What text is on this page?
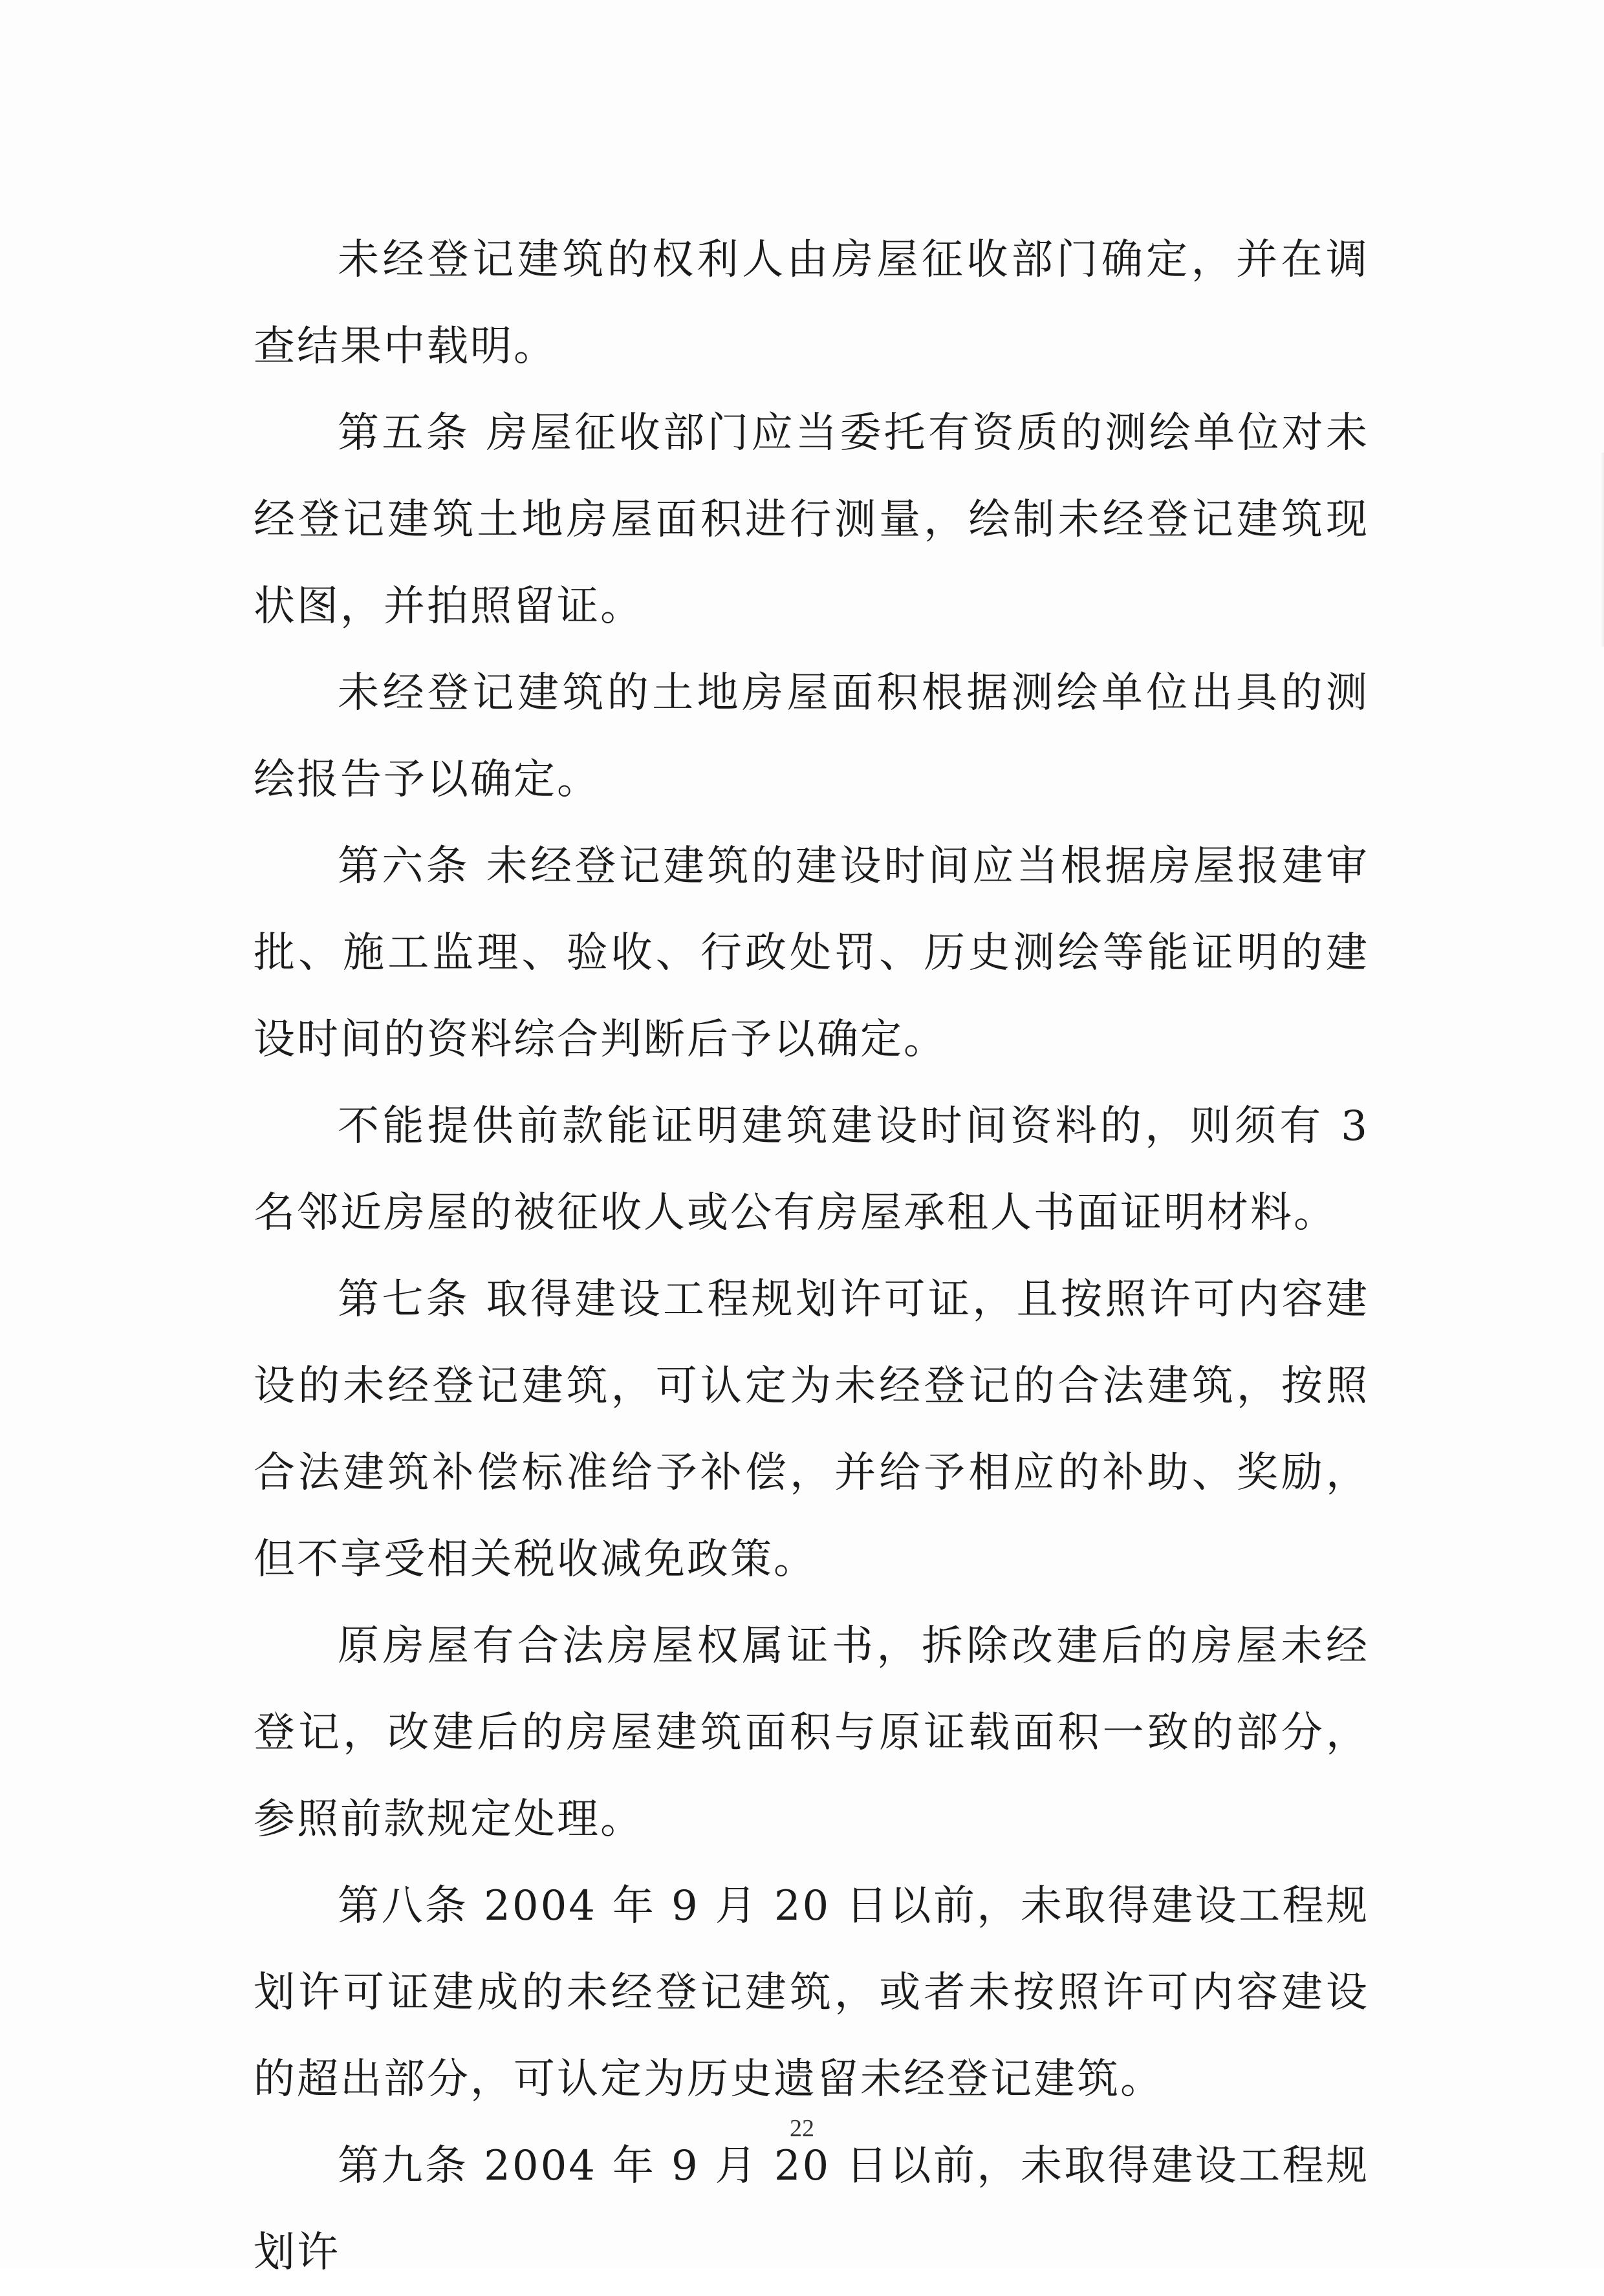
未经登记建筑的权利人由房屋征收部门确定，并在调查结果中载明。

第五条 房屋征收部门应当委托有资质的测绘单位对未经登记建筑土地房屋面积进行测量，绘制未经登记建筑现状图，并拍照留证。

未经登记建筑的土地房屋面积根据测绘单位出具的测绘报告予以确定。

第六条 未经登记建筑的建设时间应当根据房屋报建审批、施工监理、验收、行政处罚、历史测绘等能证明的建设时间的资料综合判断后予以确定。

不能提供前款能证明建筑建设时间资料的，则须有 3 名邻近房屋的被征收人或公有房屋承租人书面证明材料。

第七条 取得建设工程规划许可证，且按照许可内容建设的未经登记建筑，可认定为未经登记的合法建筑，按照合法建筑补偿标准给予补偿，并给予相应的补助、奖励，但不享受相关税收减免政策。

原房屋有合法房屋权属证书，拆除改建后的房屋未经登记，改建后的房屋建筑面积与原证载面积一致的部分，参照前款规定处理。

第八条 2004 年 9 月 20 日以前，未取得建设工程规划许可证建成的未经登记建筑，或者未按照许可内容建设的超出部分，可认定为历史遗留未经登记建筑。

第九条 2004 年 9 月 20 日以前，未取得建设工程规划许

22
